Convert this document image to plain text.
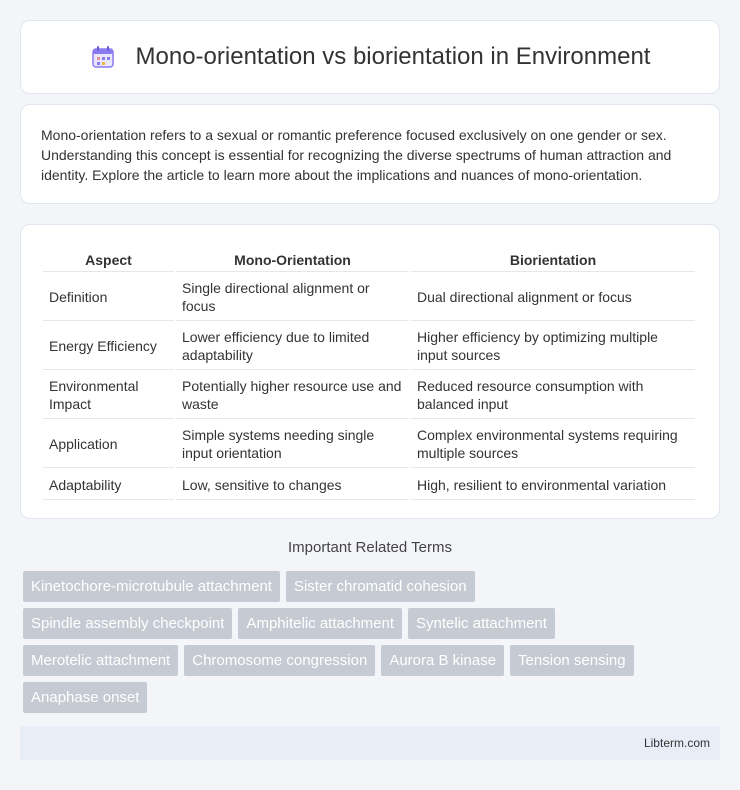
Mono-orientation vs biorientation in Environment

Mono-orientation refers to a sexual or romantic preference focused exclusively on one gender or sex. Understanding this concept is essential for recognizing the diverse spectrums of human attraction and identity. Explore the article to learn more about the implications and nuances of mono-orientation.

Aspect	Mono-Orientation	Biorientation
Definition	Single directional alignment or focus	Dual directional alignment or focus
Energy Efficiency	Lower efficiency due to limited adaptability	Higher efficiency by optimizing multiple input sources
Environmental Impact	Potentially higher resource use and waste	Reduced resource consumption with balanced input
Application	Simple systems needing single input orientation	Complex environmental systems requiring multiple sources
Adaptability	Low, sensitive to changes	High, resilient to environmental variation
Important Related Terms
Kinetochore-microtubule attachment	Sister chromatid cohesion
Spindle assembly checkpoint	Amphitelic attachment	Syntelic attachment
Merotelic attachment	Chromosome congression	Aurora B kinase	Tension sensing
Anaphase onset
Libterm.com
